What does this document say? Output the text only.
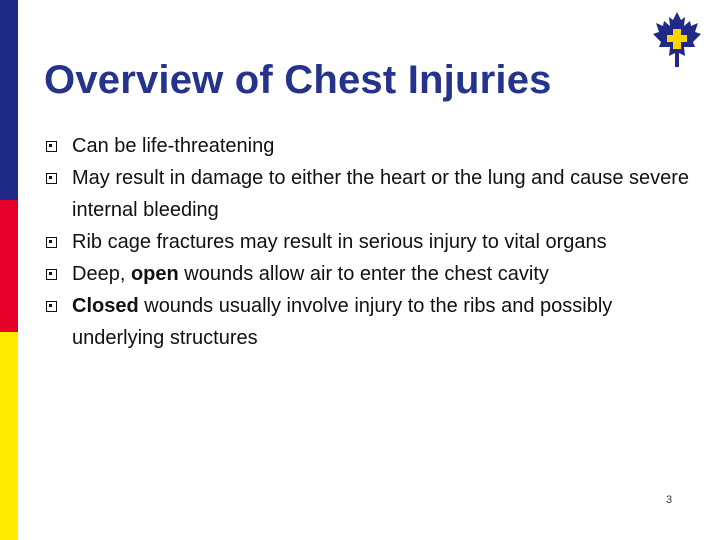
Overview of Chest Injuries
Can be life-threatening
May result in damage to either the heart or the lung and cause severe internal bleeding
Rib cage fractures may result in serious injury to vital organs
Deep, open wounds allow air to enter the chest cavity
Closed wounds usually involve injury to the ribs and possibly underlying structures
3
